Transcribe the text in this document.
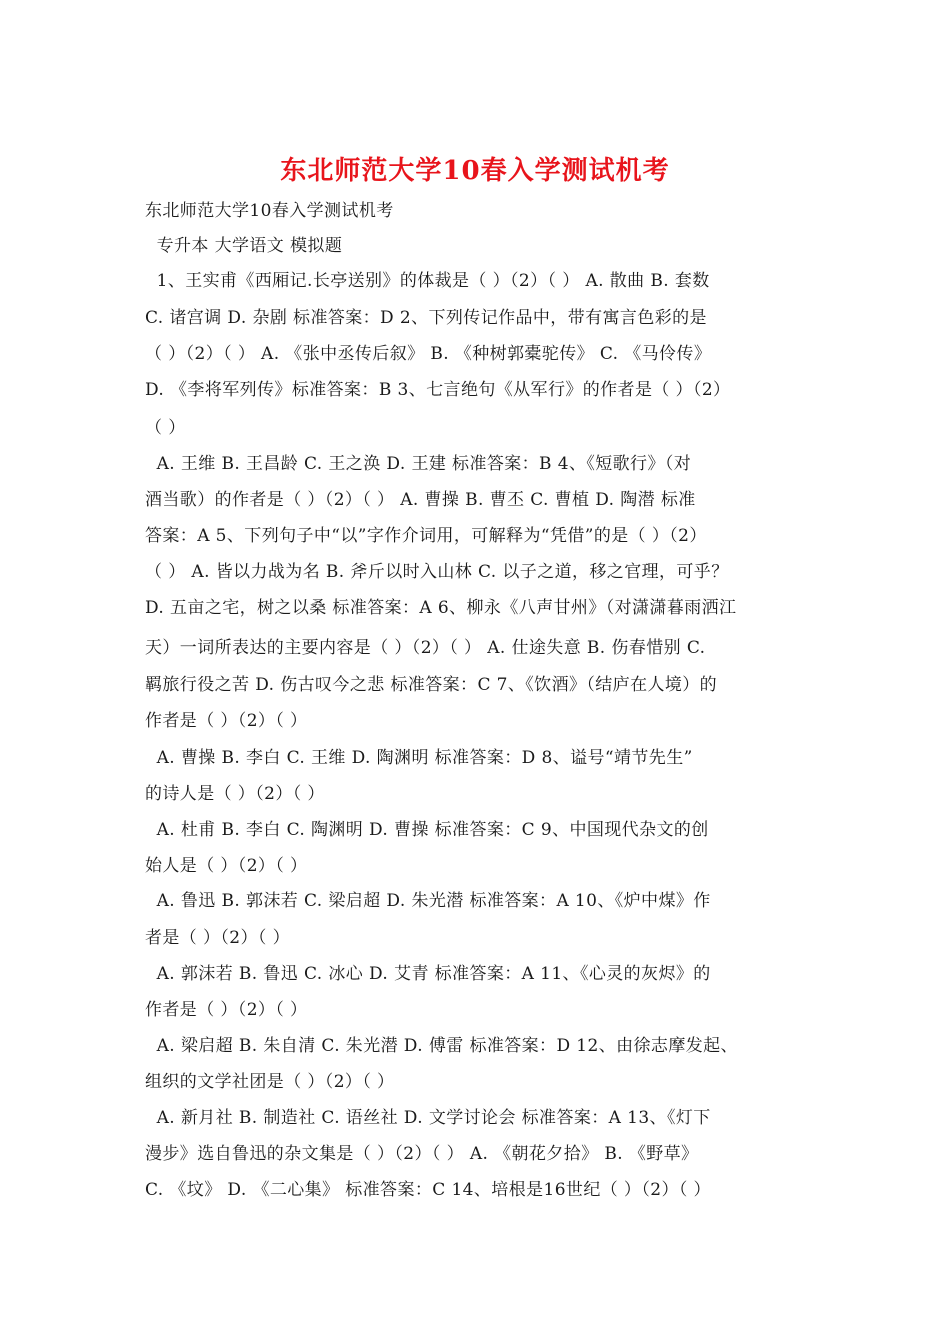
东北师范大学10春入学测试机考
东北师范大学10春入学测试机考
专升本 大学语文 模拟题
1、王实甫《西厢记.长亭送别》的体裁是（ ）（2）（ ） A. 散曲 B. 套数
C. 诸宫调 D. 杂剧 标准答案：D 2、下列传记作品中，带有寓言色彩的是
（ ）（2）（ ） A. 《张中丞传后叙》 B. 《种树郭橐驼传》 C. 《马伶传》
D. 《李将军列传》标准答案：B 3、七言绝句《从军行》的作者是（ ）（2）
（ ）
A. 王维 B. 王昌龄 C. 王之涣 D. 王建 标准答案：B 4、《短歌行》（对
酒当歌）的作者是（ ）（2）（ ） A. 曹操 B. 曹丕 C. 曹植 D. 陶潜 标准
答案：A 5、下列句子中“以”字作介词用，可解释为“凭借”的是（ ）（2）
（ ） A. 皆以力战为名 B. 斧斤以时入山林 C. 以子之道，移之官理，可乎？
D. 五亩之宅，树之以桑 标准答案：A 6、柳永《八声甘州》（对潇潇暮雨洒江
天）一词所表达的主要内容是（ ）（2）（ ） A. 仕途失意 B. 伤春惜别 C.
羁旅行役之苦 D. 伤古叹今之悲 标准答案：C 7、《饮酒》（结庐在人境）的
作者是（ ）（2）（ ）
A. 曹操 B. 李白 C. 王维 D. 陶渊明 标准答案：D 8、谥号“靖节先生”
的诗人是（ ）（2）（ ）
A. 杜甫 B. 李白 C. 陶渊明 D. 曹操 标准答案：C 9、中国现代杂文的创
始人是（ ）（2）（ ）
A. 鲁迅 B. 郭沫若 C. 梁启超 D. 朱光潜 标准答案：A 10、《炉中煤》作
者是（ ）（2）（ ）
A. 郭沫若 B. 鲁迅 C. 冰心 D. 艾青 标准答案：A 11、《心灵的灰烬》的
作者是（ ）（2）（ ）
A. 梁启超 B. 朱自清 C. 朱光潜 D. 傅雷 标准答案：D 12、由徐志摩发起、
组织的文学社团是（ ）（2）（ ）
A. 新月社 B. 制造社 C. 语丝社 D. 文学讨论会 标准答案：A 13、《灯下
漫步》选自鲁迅的杂文集是（ ）（2）（ ） A. 《朝花夕拾》 B. 《野草》
C. 《坟》 D. 《二心集》 标准答案：C 14、培根是16世纪（ ）（2）（ ）
